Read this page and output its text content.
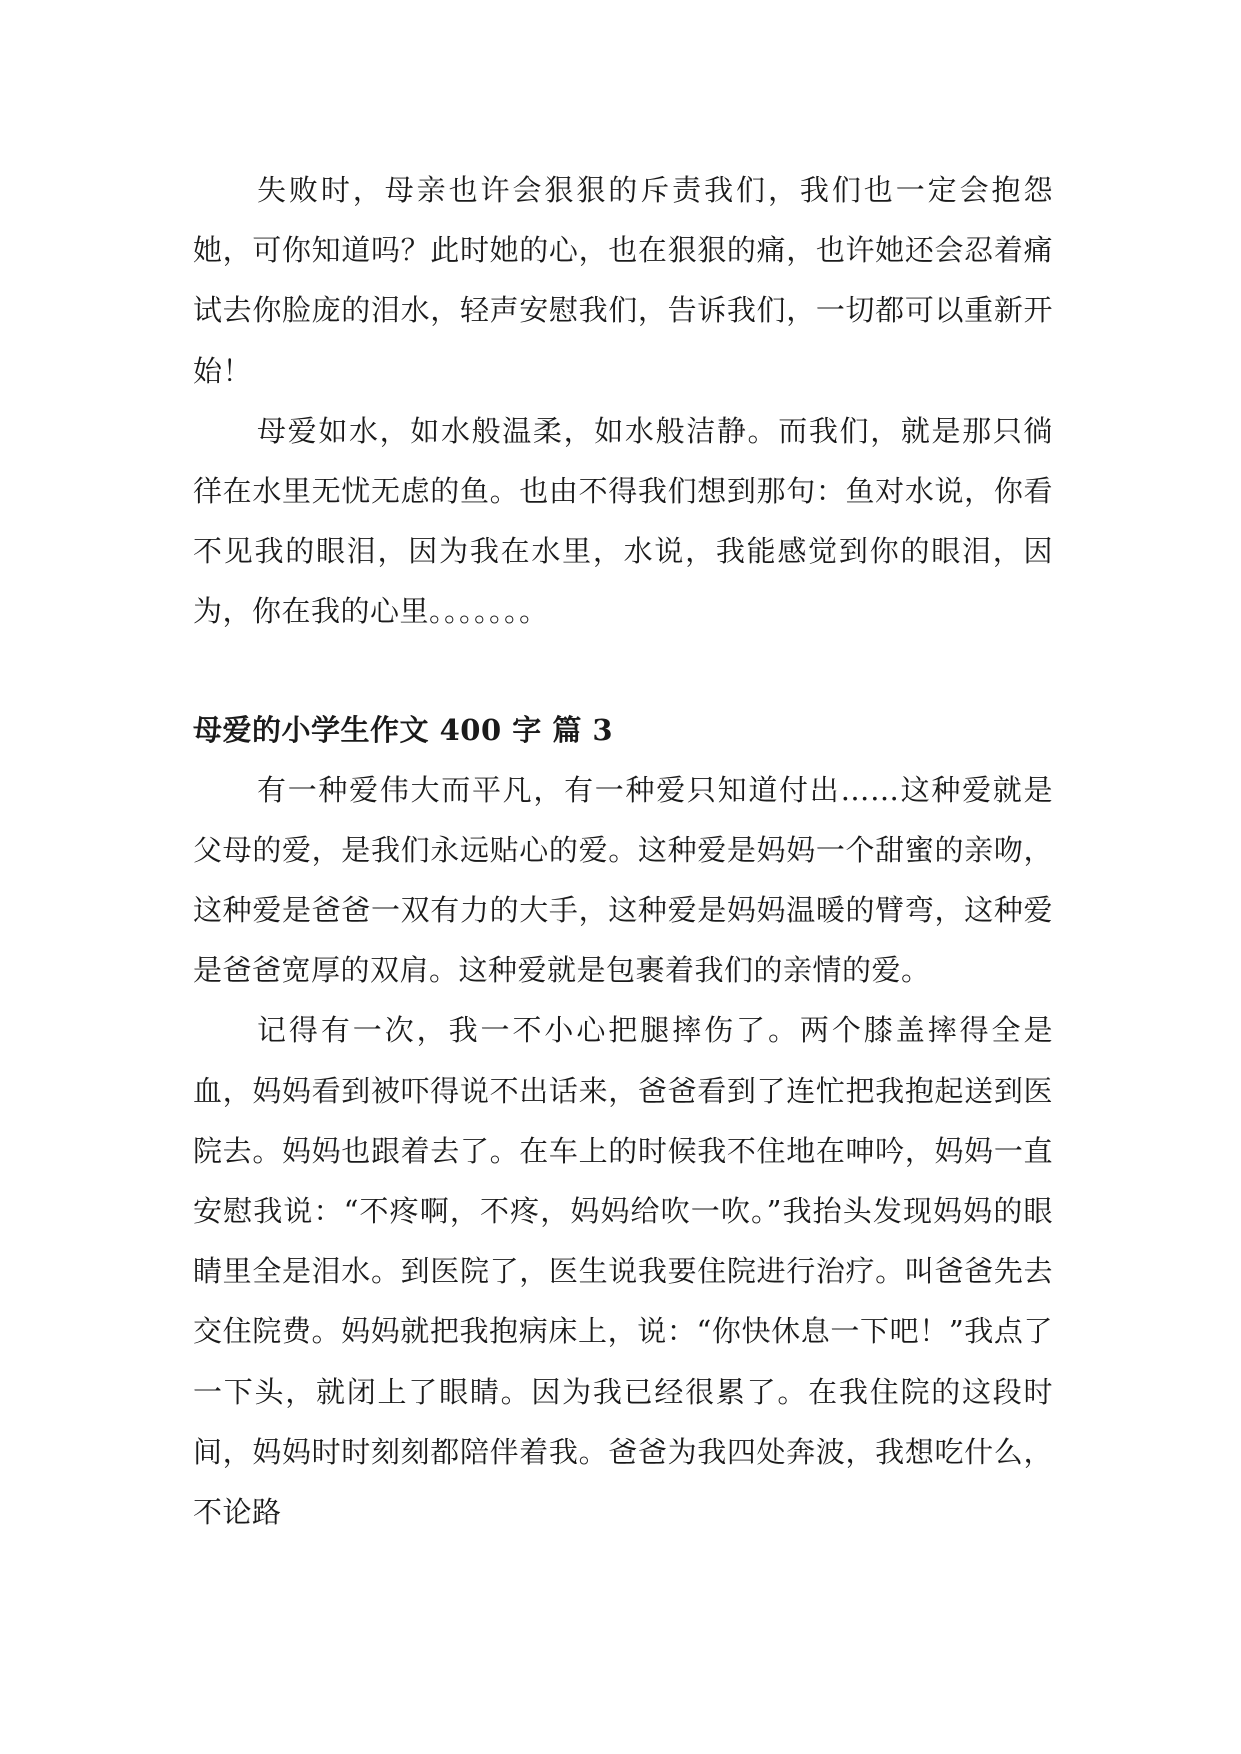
失败时，母亲也许会狠狠的斥责我们，我们也一定会抱怨她，可你知道吗？此时她的心，也在狠狠的痛，也许她还会忍着痛试去你脸庞的泪水，轻声安慰我们，告诉我们，一切都可以重新开始！

母爱如水，如水般温柔，如水般洁静。而我们，就是那只徜徉在水里无忧无虑的鱼。也由不得我们想到那句：鱼对水说，你看不见我的眼泪，因为我在水里，水说，我能感觉到你的眼泪，因为，你在我的心里。。。。。。。

母爱的小学生作文 400 字 篇 3

有一种爱伟大而平凡，有一种爱只知道付出……这种爱就是父母的爱，是我们永远贴心的爱。这种爱是妈妈一个甜蜜的亲吻，这种爱是爸爸一双有力的大手，这种爱是妈妈温暖的臂弯，这种爱是爸爸宽厚的双肩。这种爱就是包裹着我们的亲情的爱。

记得有一次，我一不小心把腿摔伤了。两个膝盖摔得全是血，妈妈看到被吓得说不出话来，爸爸看到了连忙把我抱起送到医院去。妈妈也跟着去了。在车上的时候我不住地在呻吟，妈妈一直安慰我说：“不疼啊，不疼，妈妈给吹一吹。”我抬头发现妈妈的眼睛里全是泪水。到医院了，医生说我要住院进行治疗。叫爸爸先去交住院费。妈妈就把我抱病床上，说：“你快休息一下吧！”我点了一下头，就闭上了眼睛。因为我已经很累了。在我住院的这段时间，妈妈时时刻刻都陪伴着我。爸爸为我四处奔波，我想吃什么，不论路
